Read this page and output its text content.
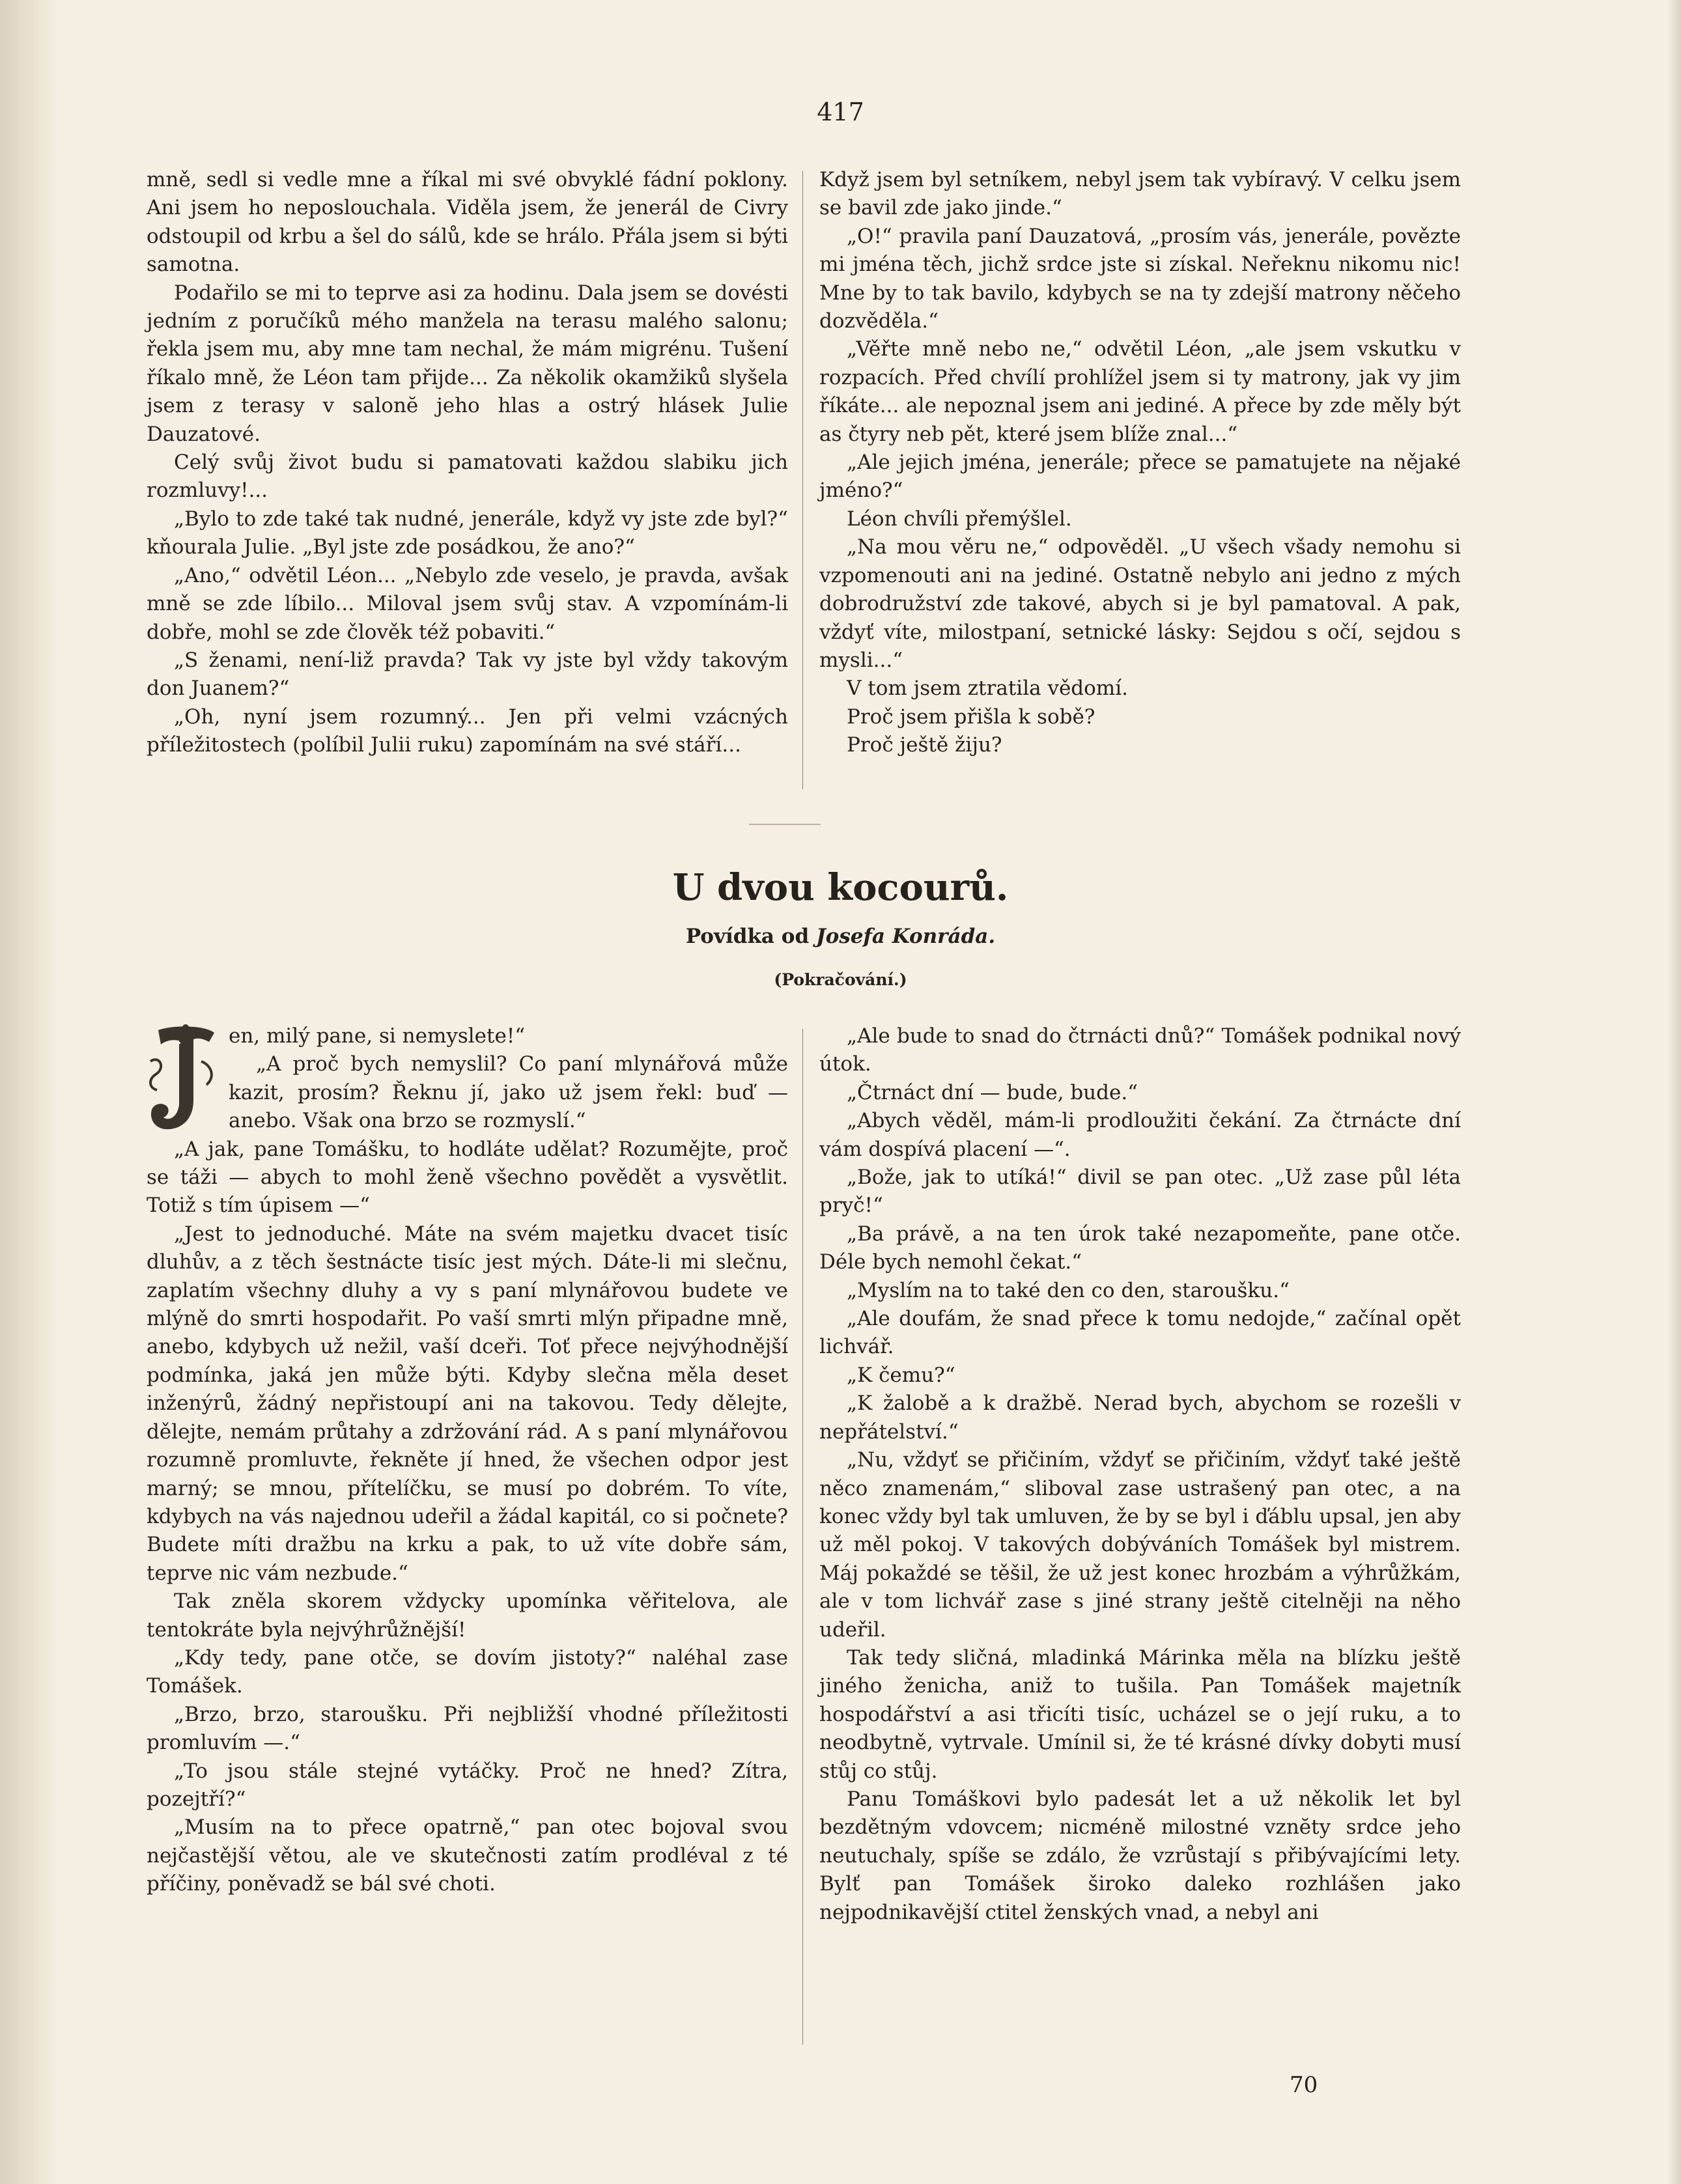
417

mně, sedl si vedle mne a říkal mi své obvyklé fádní poklony. Ani jsem ho neposlouchala. Viděla jsem, že jenerál de Civry odstoupil od krbu a šel do sálů, kde se hrálo. Přála jsem si býti samotna.

Podařilo se mi to teprve asi za hodinu. Dala jsem se dovésti jedním z poručíků mého manžela na terasu malého salonu; řekla jsem mu, aby mne tam nechal, že mám migrénu. Tušení říkalo mně, že Léon tam přijde... Za několik okamžiků slyšela jsem z terasy v salonĕ jeho hlas a ostrý hlásek Julie Dauzatové.

Celý svůj život budu si pamatovati každou slabiku jich rozmluvy!...

„Bylo to zde také tak nudné, jenerále, když vy jste zde byl?“ kňourala Julie. „Byl jste zde posádkou, že ano?“

„Ano,“ odvětil Léon... „Nebylo zde veselo, je pravda, avšak mně se zde líbilo... Miloval jsem svůj stav. A vzpomínám-li dobře, mohl se zde člověk též pobaviti.“

„S ženami, není-liž pravda? Tak vy jste byl vždy takovým don Juanem?“

„Oh, nyní jsem rozumný... Jen při velmi vzácných příležitostech (políbil Julii ruku) zapomínám na své stáří...

Když jsem byl setníkem, nebyl jsem tak vybíravý. V celku jsem se bavil zde jako jinde.“

„O!“ pravila paní Dauzatová, „prosím vás, jenerále, povězte mi jména těch, jichž srdce jste si získal. Neřeknu nikomu nic! Mne by to tak bavilo, kdybych se na ty zdejší matrony něčeho dozvěděla.“

„Věřte mně nebo ne,“ odvětil Léon, „ale jsem vskutku v rozpacích. Před chvílí prohlížel jsem si ty matrony, jak vy jim říkáte... ale nepoznal jsem ani jediné. A přece by zde měly být as čtyry neb pět, které jsem blíže znal...“

„Ale jejich jména, jenerále; přece se pamatujete na nějaké jméno?“

Léon chvíli přemýšlel.

„Na mou věru ne,“ odpověděl. „U všech všady nemohu si vzpomenouti ani na jediné. Ostatně nebylo ani jedno z mých dobrodružství zde takové, abych si je byl pamatoval. A pak, vždyť víte, milostpaní, setnické lásky: Sejdou s očí, sejdou s mysli...“

V tom jsem ztratila vědomí.

Proč jsem přišla k sobě?

Proč ještě žiju?

U dvou kocourů.
Povídka od Josefa Konráda.
(Pokračování.)

en, milý pane, si nemyslete!“

„A proč bych nemyslil? Co paní mlynářová může kazit, prosím? Řeknu jí, jako už jsem řekl: buď — anebo. Však ona brzo se rozmyslí.“

„A jak, pane Tomášku, to hodláte udělat? Rozumějte, proč se táži — abych to mohl ženě všechno povědět a vysvětlit. Totiž s tím úpisem —“

„Jest to jednoduché. Máte na svém majetku dvacet tisíc dluhův, a z těch šestnácte tisíc jest mých. Dáte-li mi slečnu, zaplatím všechny dluhy a vy s paní mlynářovou budete ve mlýně do smrti hospodařit. Po vaší smrti mlýn připadne mně, anebo, kdybych už nežil, vaší dceři. Toť přece nejvýhodnější podmínka, jaká jen může býti. Kdyby slečna měla deset inženýrů, žádný nepřistoupí ani na takovou. Tedy dělejte, dělejte, nemám průtahy a zdržování rád. A s paní mlynářovou rozumně promluvte, řekněte jí hned, že všechen odpor jest marný; se mnou, přítelíčku, se musí po dobrém. To víte, kdybych na vás najednou udeřil a žádal kapitál, co si počnete? Budete míti dražbu na krku a pak, to už víte dobře sám, teprve nic vám nezbude.“

Tak zněla skorem vždycky upomínka věřitelova, ale tentokráte byla nejvýhrůžnější!

„Kdy tedy, pane otče, se dovím jistoty?“ naléhal zase Tomášek.

„Brzo, brzo, staroušku. Při nejbližší vhodné příležitosti promluvím —.“

„To jsou stále stejné vytáčky. Proč ne hned? Zítra, pozejtří?“

„Musím na to přece opatrně,“ pan otec bojoval svou nejčastější větou, ale ve skutečnosti zatím prodléval z té příčiny, poněvadž se bál své choti.

„Ale bude to snad do čtrnácti dnů?“ Tomášek podnikal nový útok.

„Čtrnáct dní — bude, bude.“

„Abych věděl, mám-li prodloužiti čekání. Za čtrnácte dní vám dospívá placení —“.

„Bože, jak to utíká!“ divil se pan otec. „Už zase půl léta pryč!“

„Ba právě, a na ten úrok také nezapomeňte, pane otče. Déle bych nemohl čekat.“

„Myslím na to také den co den, staroušku.“

„Ale doufám, že snad přece k tomu nedojde,“ začínal opět lichvář.

„K čemu?“

„K žalobě a k dražbě. Nerad bych, abychom se rozešli v nepřátelství.“

„Nu, vždyť se přičiním, vždyť se přičiním, vždyť také ještě něco znamenám,“ sliboval zase ustrašený pan otec, a na konec vždy byl tak umluven, že by se byl i ďáblu upsal, jen aby už měl pokoj. V takových dobýváních Tomášek byl mistrem. Máj pokaždé se těšil, že už jest konec hrozbám a výhrůžkám, ale v tom lichvář zase s jiné strany ještě citelněji na něho udeřil.

Tak tedy sličná, mladinká Márinka měla na blízku ještě jiného ženicha, aniž to tušila. Pan Tomášek majetník hospodářství a asi třicíti tisíc, ucházel se o její ruku, a to neodbytně, vytrvale. Umínil si, že té krásné dívky dobyti musí stůj co stůj.

Panu Tomáškovi bylo padesát let a už několik let byl bezdětným vdovcem; nicméně milostné vznĕty srdce jeho neutuchaly, spíše se zdálo, že vzrůstají s přibývajícími lety. Bylť pan Tomášek široko daleko rozhlášen jako nejpodnikavější ctitel ženských vnad, a nebyl ani

70
